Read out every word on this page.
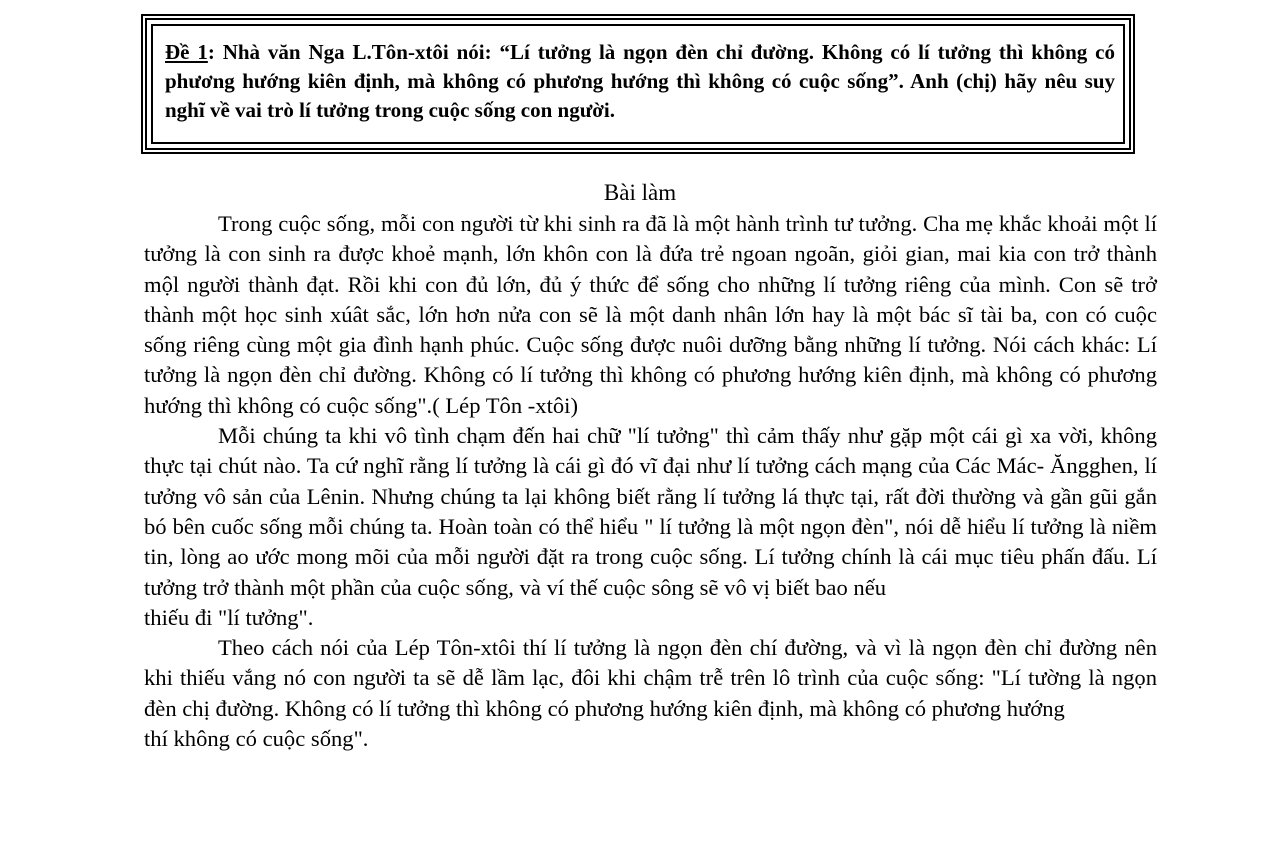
Đề 1: Nhà văn Nga L.Tôn-xtôi nói: “Lí tưởng là ngọn đèn chỉ đường. Không có lí tưởng thì không có phương hướng kiên định, mà không có phương hướng thì không có cuộc sống”. Anh (chị) hãy nêu suy nghĩ về vai trò lí tưởng trong cuộc sống con người.
Bài làm

Trong cuộc sống, mỗi con người từ khi sinh ra đã là một hành trình tư tưởng. Cha mẹ khắc khoải một lí tưởng là con sinh ra được khoẻ mạnh, lớn khôn con là đứa trẻ ngoan ngoãn, giỏi gian, mai kia con trở thành mộl người thành đạt. Rồi khi con đủ lớn, đủ ý thức để sống cho những lí tưởng riêng của mình. Con sẽ trở thành một học sinh xúât sắc, lớn hơn nửa con sẽ là một danh nhân lớn hay là một bác sĩ tài ba, con có cuộc sống riêng cùng một gia đình hạnh phúc. Cuộc sống được nuôi dưỡng bằng những lí tưởng. Nói cách khác: Lí tưởng là ngọn đèn chỉ đường. Không có lí tưởng thì không có phương hướng kiên định, mà không có phương hướng thì không có cuộc sống".( Lép Tôn -xtôi)

Mỗi chúng ta khi vô tình chạm đến hai chữ "lí tưởng" thì cảm thấy như gặp một cái gì xa vời, không thực tại chút nào. Ta cứ nghĩ rằng lí tưởng là cái gì đó vĩ đại như lí tưởng cách mạng của Các Mác- Ăngghen, lí tưởng vô sản của Lênin. Nhưng chúng ta lại không biết rằng lí tưởng lá thực tại, rất đời thường và gần gũi gắn bó bên cuốc sống mỗi chúng ta. Hoàn toàn có thể hiểu " lí tưởng là một ngọn đèn", nói dễ hiểu lí tưởng là niềm tin, lòng ao ước mong mõi của mỗi người đặt ra trong cuộc sống. Lí tưởng chính là cái mục tiêu phấn đấu. Lí tưởng trở thành một phần của cuộc sống, và ví thế cuộc sông sẽ vô vị biết bao nếu

thiếu đi "lí tưởng".

Theo cách nói của Lép Tôn-xtôi thí lí tưởng là ngọn đèn chí đường, và vì là ngọn đèn chỉ đường nên khi thiếu vắng nó con người ta sẽ dễ lầm lạc, đôi khi chậm trễ trên lô trình của cuộc sống: "Lí tường là ngọn đèn chị đường. Không có lí tưởng thì không có phương hướng kiên định, mà không có phương hướng

thí không có cuộc sống".
